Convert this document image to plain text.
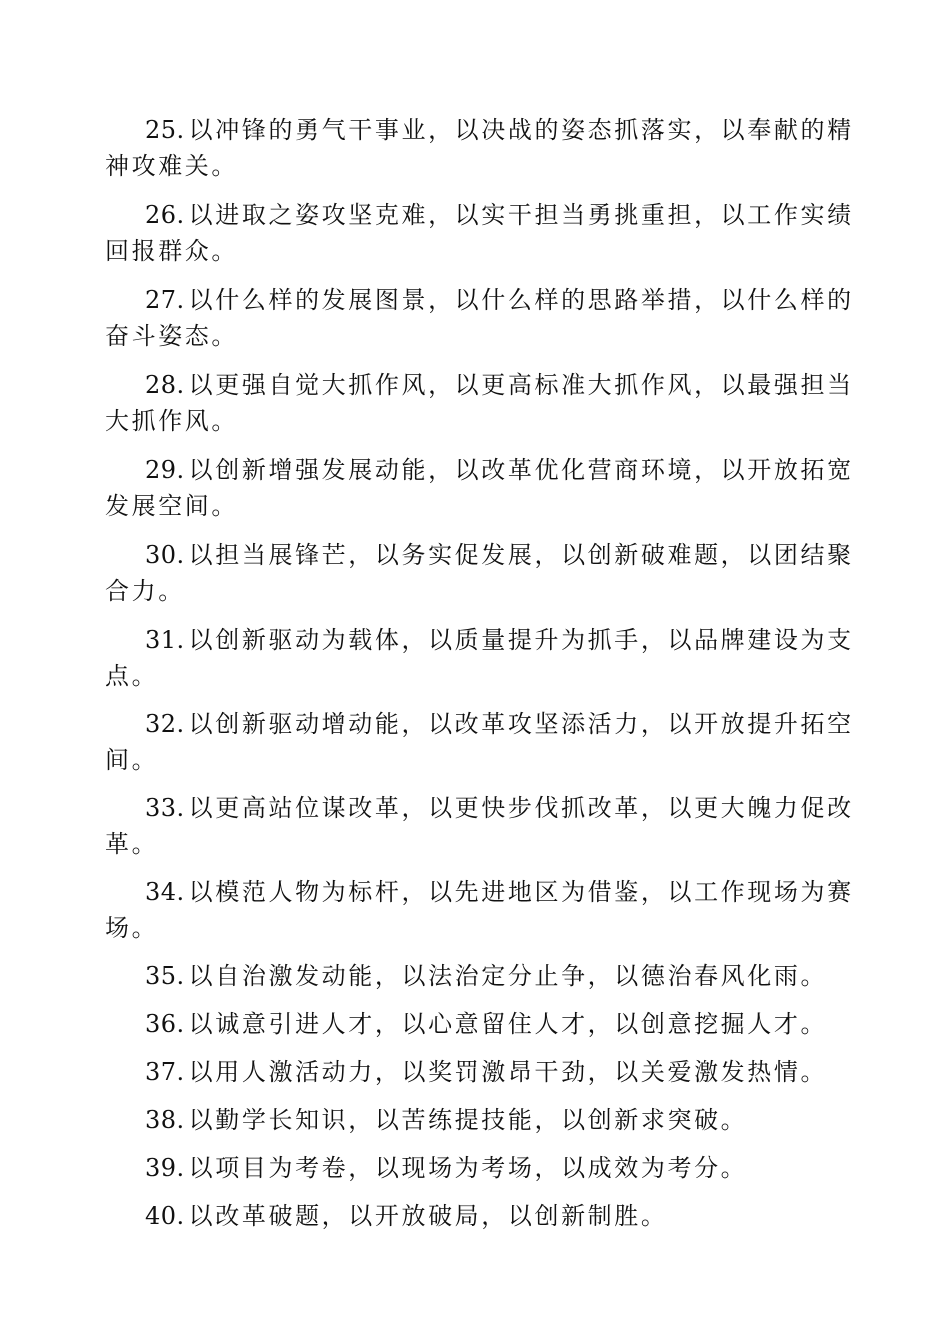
25. 以冲锋的勇气干事业，以决战的姿态抓落实，以奉献的精神攻难关。

26. 以进取之姿攻坚克难，以实干担当勇挑重担，以工作实绩回报群众。

27. 以什么样的发展图景，以什么样的思路举措，以什么样的奋斗姿态。

28. 以更强自觉大抓作风，以更高标准大抓作风，以最强担当大抓作风。

29. 以创新增强发展动能，以改革优化营商环境，以开放拓宽发展空间。

30. 以担当展锋芒，以务实促发展，以创新破难题，以团结聚合力。

31. 以创新驱动为载体，以质量提升为抓手，以品牌建设为支点。

32. 以创新驱动增动能，以改革攻坚添活力，以开放提升拓空间。

33. 以更高站位谋改革，以更快步伐抓改革，以更大魄力促改革。

34. 以模范人物为标杆，以先进地区为借鉴，以工作现场为赛场。

35. 以自治激发动能，以法治定分止争，以德治春风化雨。

36. 以诚意引进人才，以心意留住人才，以创意挖掘人才。

37. 以用人激活动力，以奖罚激昂干劲，以关爱激发热情。

38. 以勤学长知识，以苦练提技能，以创新求突破。

39. 以项目为考卷，以现场为考场，以成效为考分。

40. 以改革破题，以开放破局，以创新制胜。
